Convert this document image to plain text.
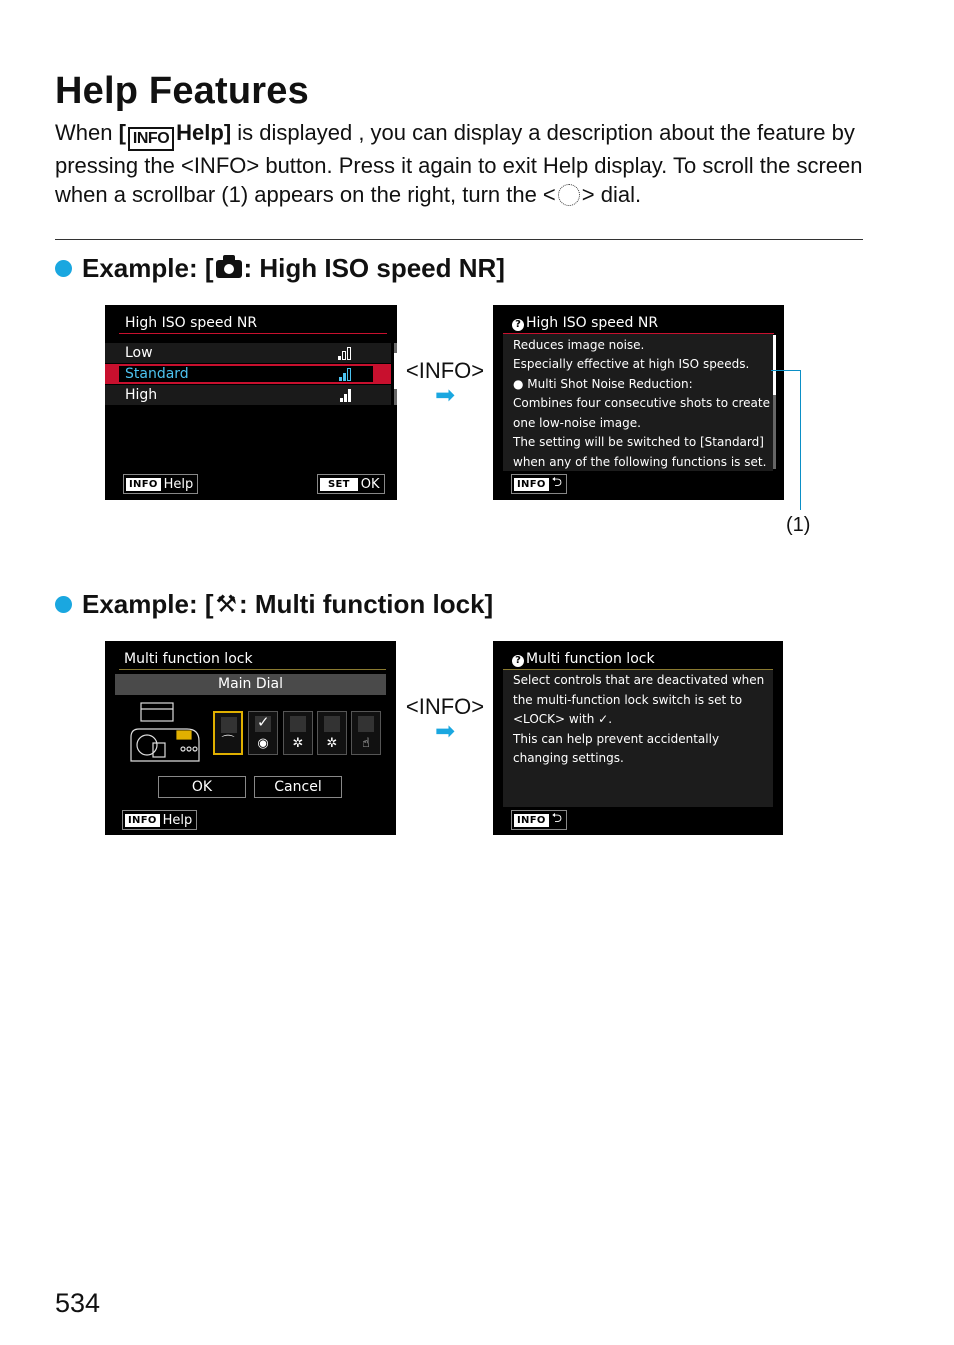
Help Features

When [ INFO Help] is displayed , you can display a description about the feature by pressing the <INFO> button. Press it again to exit Help display. To scroll the screen when a scrollbar (1) appears on the right, turn the < > dial.

Example: [ : High ISO speed NR]
High ISO speed NR
Low
Standard
High
INFO Help	SET OK
<INFO>
➡
? High ISO speed NR
Reduces image noise.
Especially effective at high ISO speeds.
● Multi Shot Noise Reduction:
Combines four consecutive shots to create
one low-noise image.
The setting will be switched to [Standard]
when any of the following functions is set.
INFO ⮌
(1)
Example: [ ⚒ : Multi function lock]
Multi function lock
Main Dial
⌒
✓
◉	✲	✲	☝
OK	Cancel
INFO Help
<INFO>
➡
? Multi function lock
Select controls that are deactivated when
the multi-function lock switch is set to
<LOCK> with ✓.
This can help prevent accidentally
changing settings.
INFO ⮌
534
